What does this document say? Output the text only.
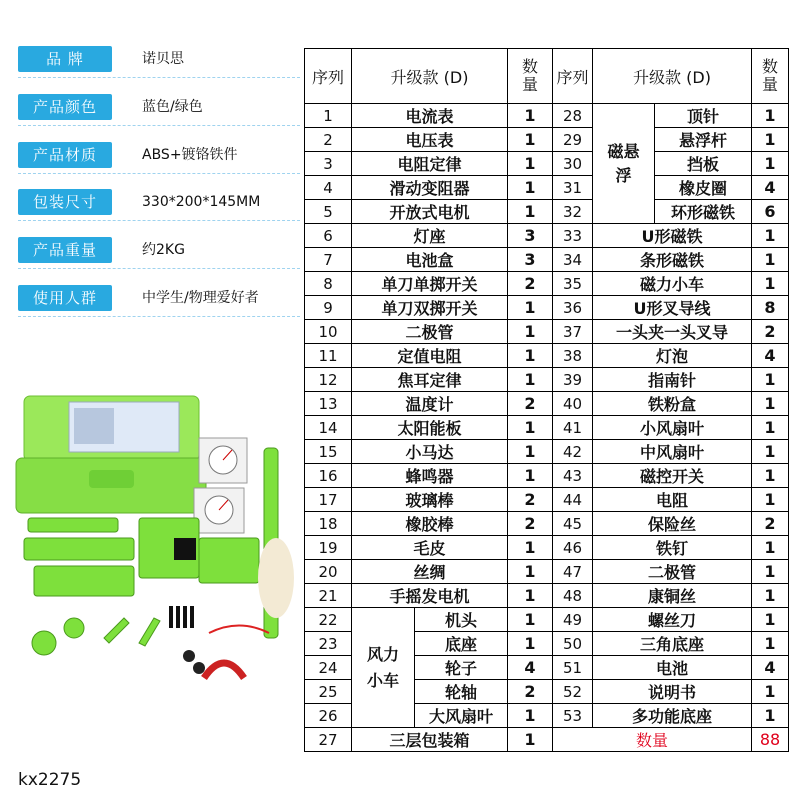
品 牌	诺贝思
产品颜色	蓝色/绿色
产品材质	ABS+镀铬铁件
包装尺寸	330*200*145MM
产品重量	约2KG
使用人群	中学生/物理爱好者
序列	升级款 (D)		数
量	序列	升级款 (D)		数
量

1	电流表		1	28	磁悬浮	顶针	1
2	电压表		1	29		悬浮杆	1
3	电阻定律		1	30		挡板	1
4	滑动变阻器		1	31		橡皮圈	4
5	开放式电机		1	32		环形磁铁	6
6	灯座		3	33	U形磁铁		1
7	电池盒		3	34	条形磁铁		1
8	单刀单掷开关		2	35	磁力小车		1
9	单刀双掷开关		1	36	U形叉导线		8
10	二极管		1	37	一头夹一头叉导		2
11	定值电阻		1	38	灯泡		4
12	焦耳定律		1	39	指南针		1
13	温度计		2	40	铁粉盒		1
14	太阳能板		1	41	小风扇叶		1
15	小马达		1	42	中风扇叶		1
16	蜂鸣器		1	43	磁控开关		1
17	玻璃棒		2	44	电阻		1
18	橡胶棒		2	45	保险丝		2
19	毛皮		1	46	铁钉		1
20	丝绸		1	47	二极管		1
21	手摇发电机		1	48	康铜丝		1
22	风力小车	机头	1	49	螺丝刀		1
23		底座	1	50	三角底座		1
24		轮子	4	51	电池		4
25		轮轴	2	52	说明书		1
26		大风扇叶	1	53	多功能底座		1
27	三层包装箱		1	数量			88
kx2275
